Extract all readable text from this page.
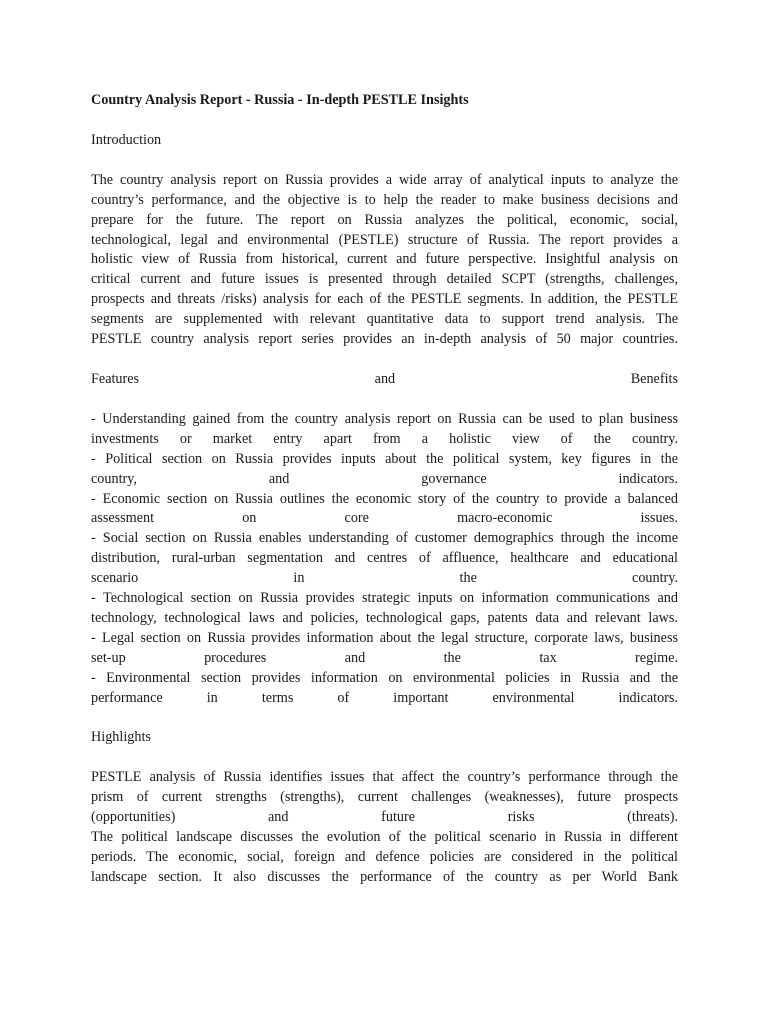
Country Analysis Report - Russia - In-depth PESTLE Insights
Introduction
The country analysis report on Russia provides a wide array of analytical inputs to analyze the
country’s performance, and the objective is to help the reader to make business decisions and
prepare for the future. The report on Russia analyzes the political, economic, social,
technological, legal and environmental (PESTLE) structure of Russia. The report provides a
holistic view of Russia from historical, current and future perspective. Insightful analysis on
critical current and future issues is presented through detailed SCPT (strengths, challenges,
prospects and threats /risks) analysis for each of the PESTLE segments. In addition, the PESTLE
segments are supplemented with relevant quantitative data to support trend analysis. The
PESTLE country analysis report series provides an in-depth analysis of 50 major countries.
Features	and	Benefits
- Understanding gained from the country analysis report on Russia can be used to plan business
investments or market entry apart from a holistic view of the country.
- Political section on Russia provides inputs about the political system, key figures in the
country, and governance indicators.
- Economic section on Russia outlines the economic story of the country to provide a balanced
assessment on core macro-economic issues.
- Social section on Russia enables understanding of customer demographics through the income
distribution, rural-urban segmentation and centres of affluence, healthcare and educational
scenario in the country.
- Technological section on Russia provides strategic inputs on information communications and
technology, technological laws and policies, technological gaps, patents data and relevant laws.
- Legal section on Russia provides information about the legal structure, corporate laws, business
set-up procedures and the tax regime.
- Environmental section provides information on environmental policies in Russia and the
performance in terms of important environmental indicators.
Highlights
PESTLE analysis of Russia identifies issues that affect the country’s performance through the
prism of current strengths (strengths), current challenges (weaknesses), future prospects
(opportunities) and future risks (threats).
The political landscape discusses the evolution of the political scenario in Russia in different
periods. The economic, social, foreign and defence policies are considered in the political
landscape section. It also discusses the performance of the country as per World Bank
